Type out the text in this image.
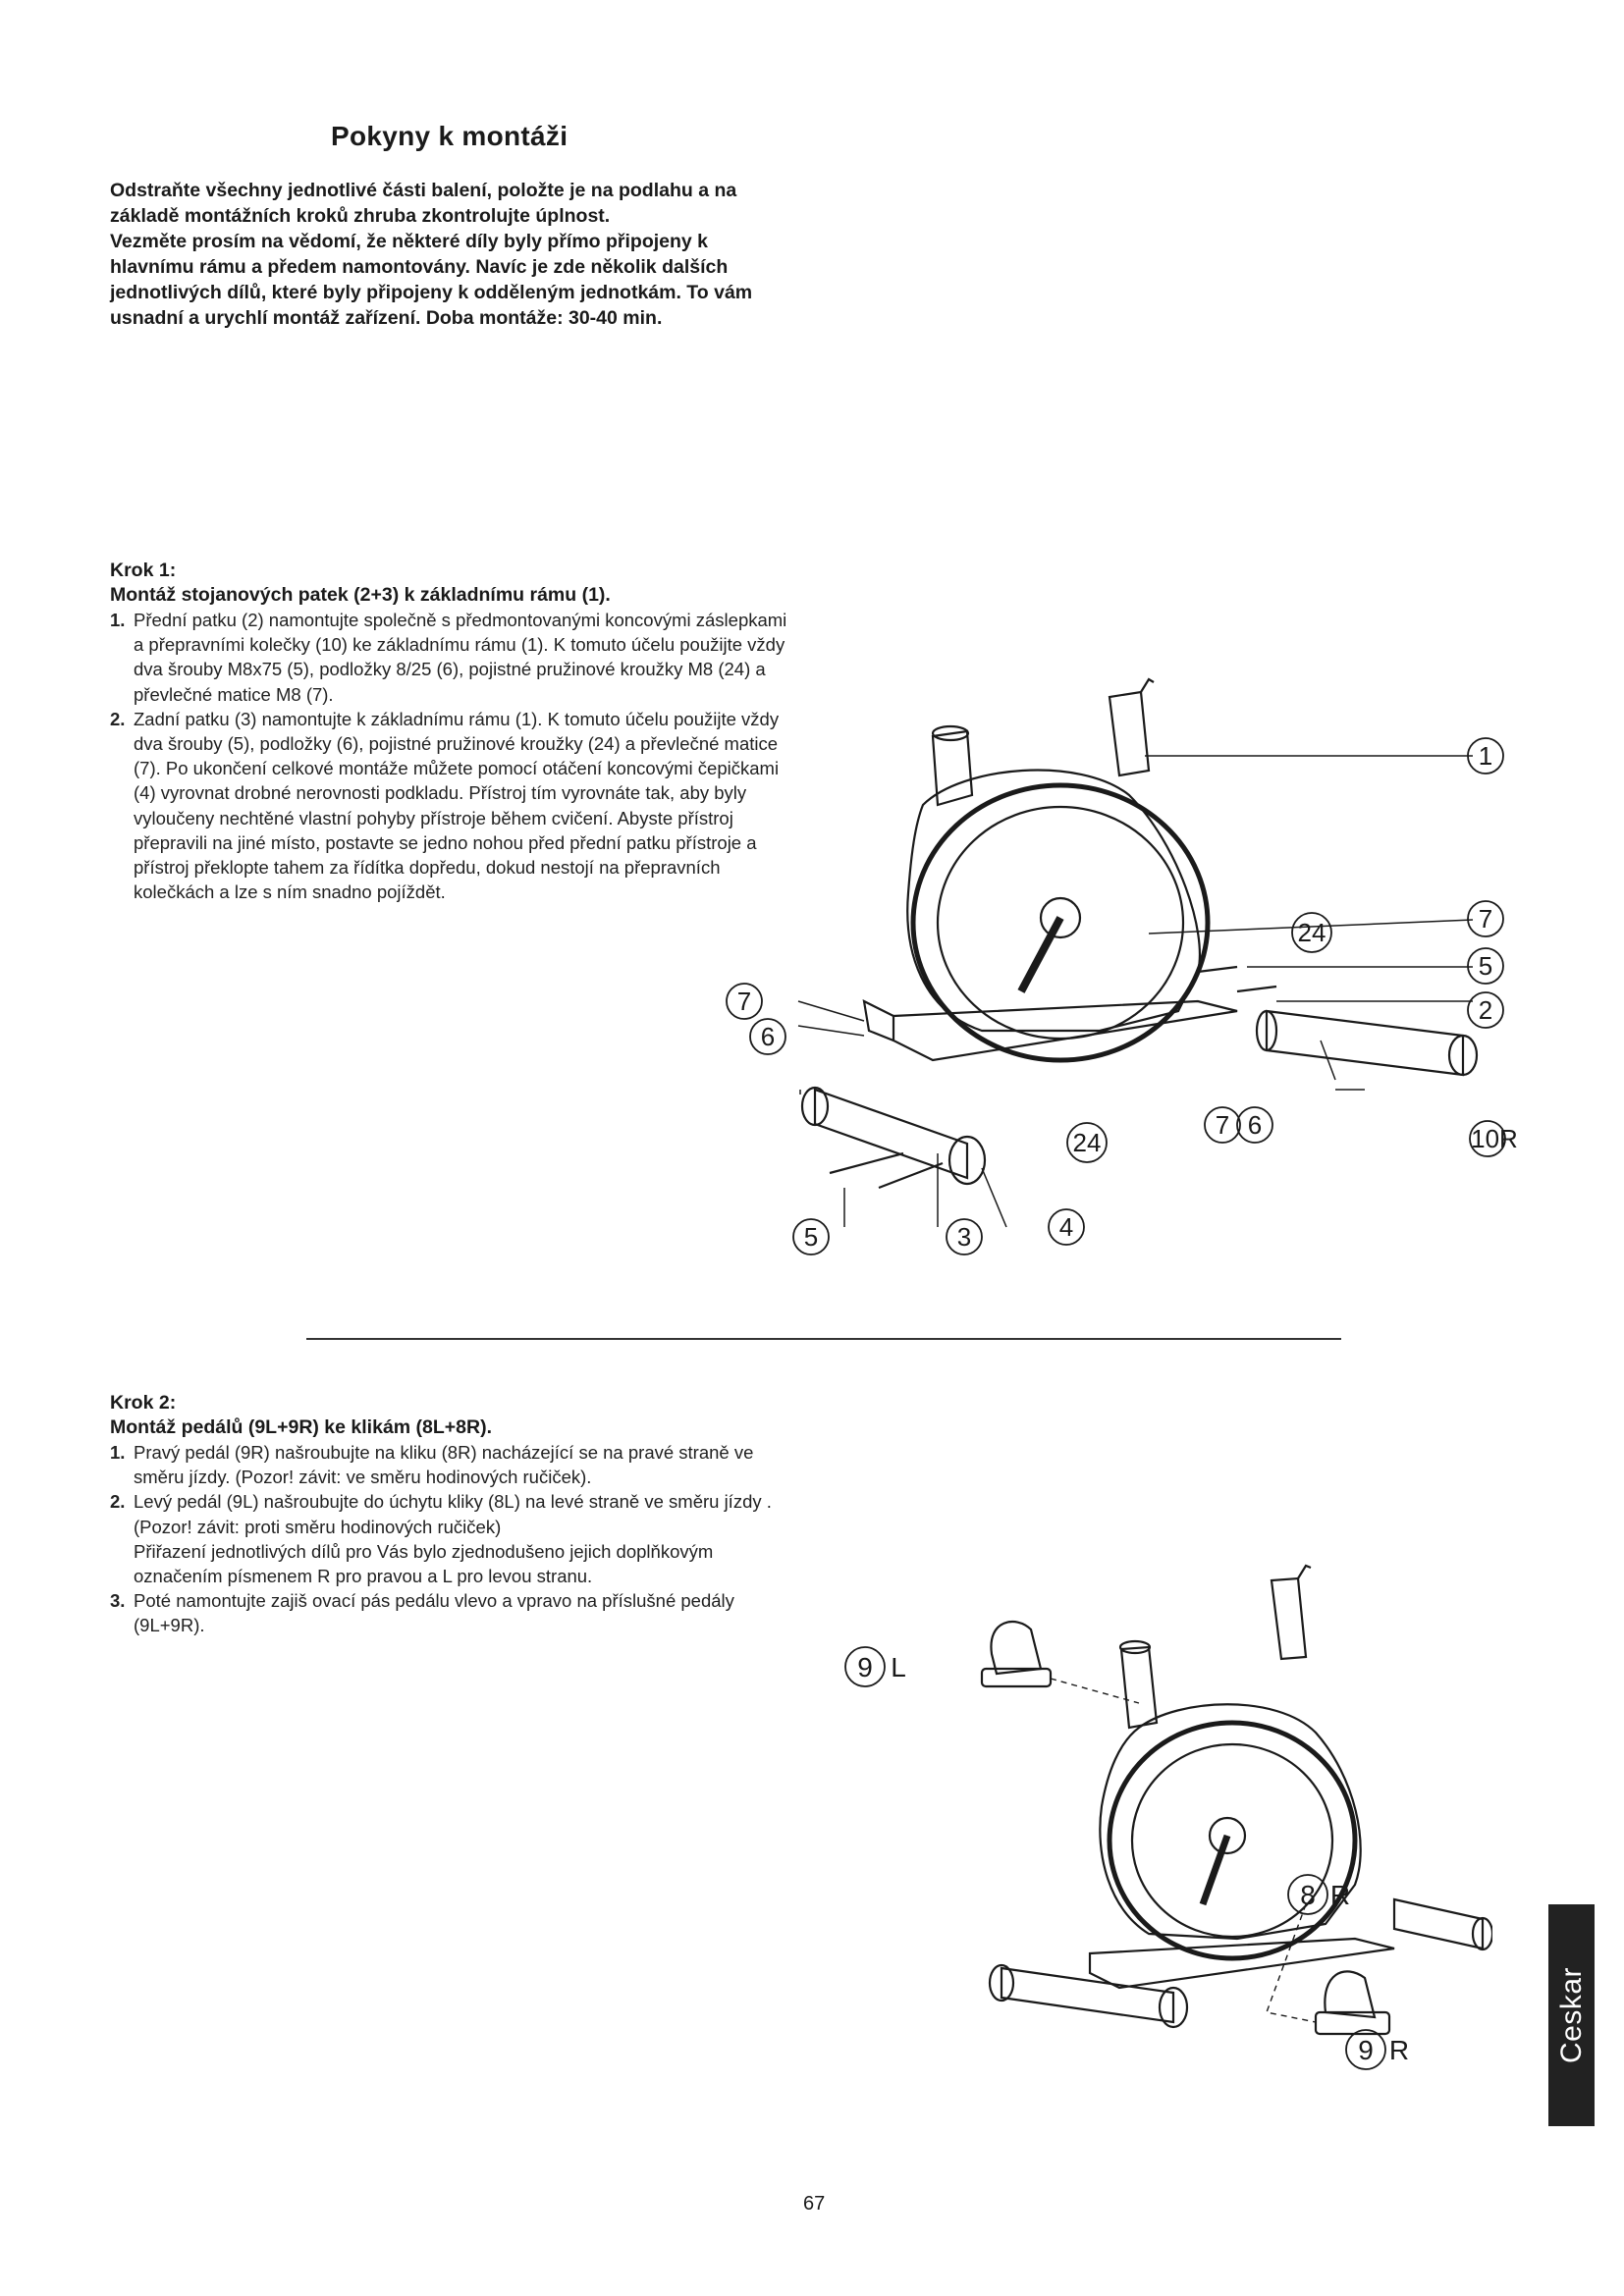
Pokyny k montáži

Odstraňte všechny jednotlivé části balení, položte je na podlahu a na

základě montážních kroků zhruba zkontrolujte úplnost.

Vezměte prosím na vědomí, že některé díly byly přímo připojeny k

hlavnímu rámu a předem namontovány. Navíc je zde několik dalších

jednotlivých dílů, které byly připojeny k odděleným jednotkám. To vám

usnadní a urychlí montáž zařízení. Doba montáže: 30-40 min.

Krok 1:

Montáž stojanových patek (2+3) k základnímu rámu (1).

1. Přední patku (2) namontujte společně s předmontovanými koncovými záslepkami a přepravními kolečky (10) ke základnímu rámu (1). K tomuto účelu použijte vždy dva šrouby M8x75 (5), podložky 8/25 (6), pojistné pružinové kroužky M8 (24) a převlečné matice M8 (7).
2. Zadní patku (3) namontujte k základnímu rámu (1). K tomuto účelu použijte vždy dva šrouby (5), podložky (6), pojistné pružinové kroužky (24) a převlečné matice (7). Po ukončení celkové montáže můžete pomocí otáčení koncovými čepičkami (4) vyrovnat drobné nerovnosti podkladu. Přístroj tím vyrovnáte tak, aby byly vyloučeny nechtěné vlastní pohyby přístroje během cvičení. Abyste přístroj přepravili na jiné místo, postavte se jedno nohou před přední patku přístroje a přístroj překlopte tahem za řídítka dopředu, dokud nestojí na přepravních kolečkách a lze s ním snadno pojíždět.
1
7
24
5
2
10R
7
6
24
7 6
5	3	4

Krok 2:

Montáž pedálů (9L+9R) ke klikám (8L+8R).

1. Pravý pedál (9R) našroubujte na kliku (8R) nacházející se na pravé straně ve směru jízdy. (Pozor! závit: ve směru hodinových ručiček).
2. Levý pedál (9L) našroubujte do úchytu kliky (8L) na levé straně ve směru jízdy . (Pozor! závit: proti směru hodinových ručiček)
Přiřazení jednotlivých dílů pro Vás bylo zjednodušeno jejich doplňkovým označením písmenem R pro pravou a L pro levou stranu.
3. Poté namontujte zajiš ovací pás pedálu vlevo a vpravo na příslušné pedály (9L+9R).
9 L
8 R
9 R	Ceskar
67
